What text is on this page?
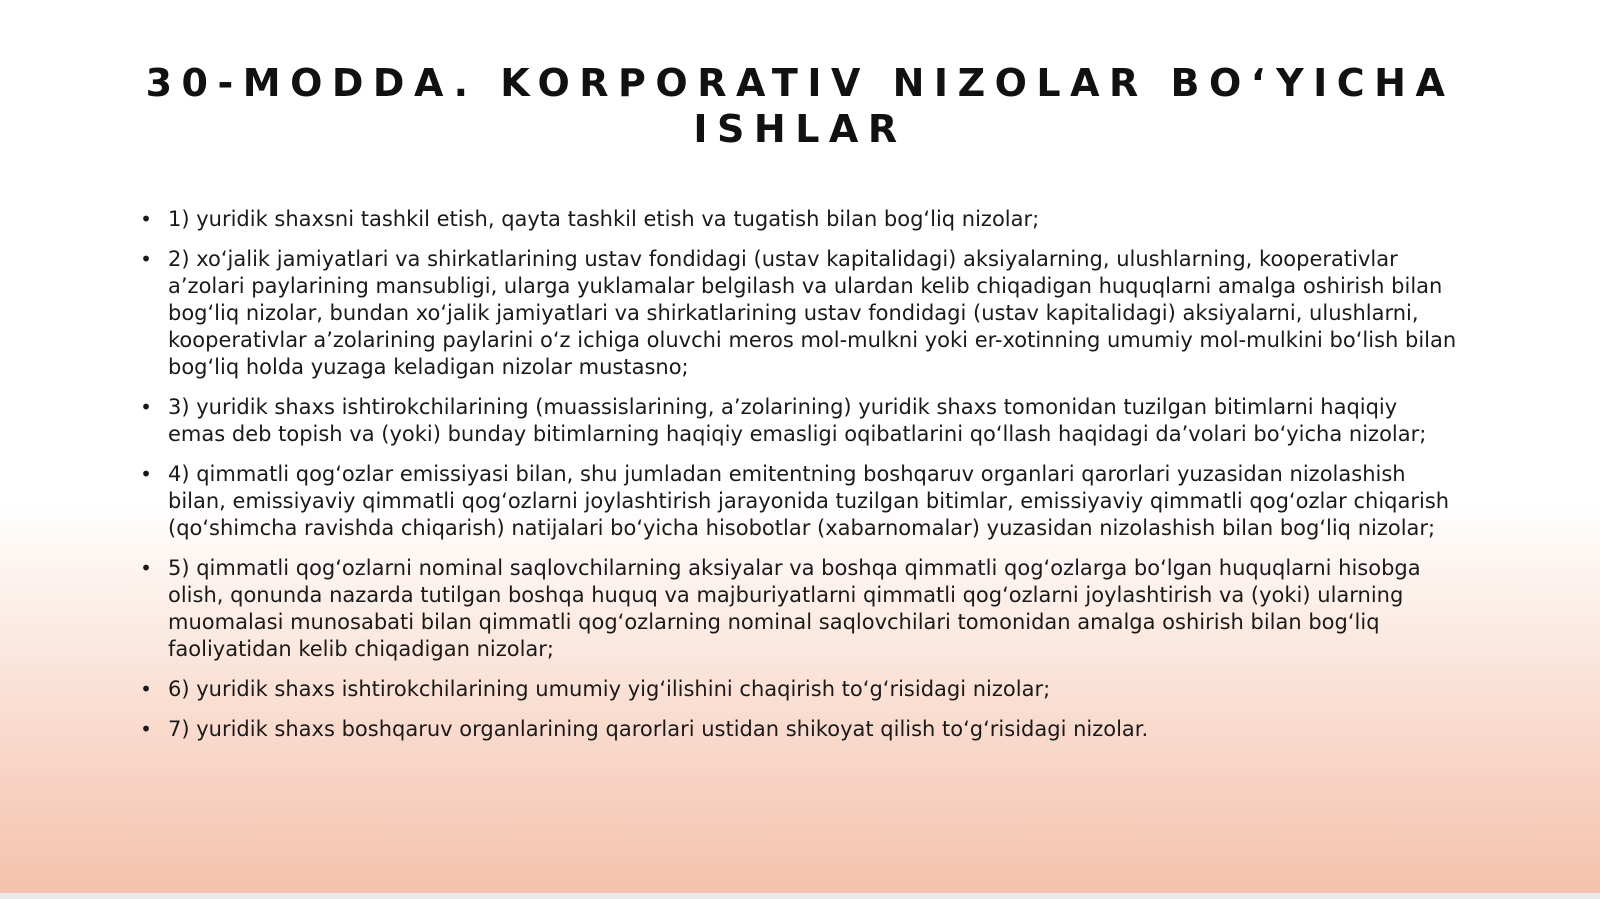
30-MODDA. KORPORATIV NIZOLAR BO‘YICHA ISHLAR
• 1) yuridik shaxsni tashkil etish, qayta tashkil etish va tugatish bilan bog‘liq nizolar;
• 2) xo‘jalik jamiyatlari va shirkatlarining ustav fondidagi (ustav kapitalidagi) aksiyalarning, ulushlarning, kooperativlar a’zolari paylarining mansubligi, ularga yuklamalar belgilash va ulardan kelib chiqadigan huquqlarni amalga oshirish bilan bog‘liq nizolar, bundan xo‘jalik jamiyatlari va shirkatlarining ustav fondidagi (ustav kapitalidagi) aksiyalarni, ulushlarni, kooperativlar a’zolarining paylarini o‘z ichiga oluvchi meros mol-mulkni yoki er-xotinning umumiy mol-mulkini bo‘lish bilan bog‘liq holda yuzaga keladigan nizolar mustasno;
• 3) yuridik shaxs ishtirokchilarining (muassislarining, a’zolarining) yuridik shaxs tomonidan tuzilgan bitimlarni haqiqiy emas deb topish va (yoki) bunday bitimlarning haqiqiy emasligi oqibatlarini qo‘llash haqidagi da’volari bo‘yicha nizolar;
• 4) qimmatli qog‘ozlar emissiyasi bilan, shu jumladan emitentning boshqaruv organlari qarorlari yuzasidan nizolashish bilan, emissiyaviy qimmatli qog‘ozlarni joylashtirish jarayonida tuzilgan bitimlar, emissiyaviy qimmatli qog‘ozlar chiqarish (qo‘shimcha ravishda chiqarish) natijalari bo‘yicha hisobotlar (xabarnomalar) yuzasidan nizolashish bilan bog‘liq nizolar;
• 5) qimmatli qog‘ozlarni nominal saqlovchilarning aksiyalar va boshqa qimmatli qog‘ozlarga bo‘lgan huquqlarni hisobga olish, qonunda nazarda tutilgan boshqa huquq va majburiyatlarni qimmatli qog‘ozlarni joylashtirish va (yoki) ularning muomalasi munosabati bilan qimmatli qog‘ozlarning nominal saqlovchilari tomonidan amalga oshirish bilan bog‘liq faoliyatidan kelib chiqadigan nizolar;
• 6) yuridik shaxs ishtirokchilarining umumiy yig‘ilishini chaqirish to‘g‘risidagi nizolar;
• 7) yuridik shaxs boshqaruv organlarining qarorlari ustidan shikoyat qilish to‘g‘risidagi nizolar.
